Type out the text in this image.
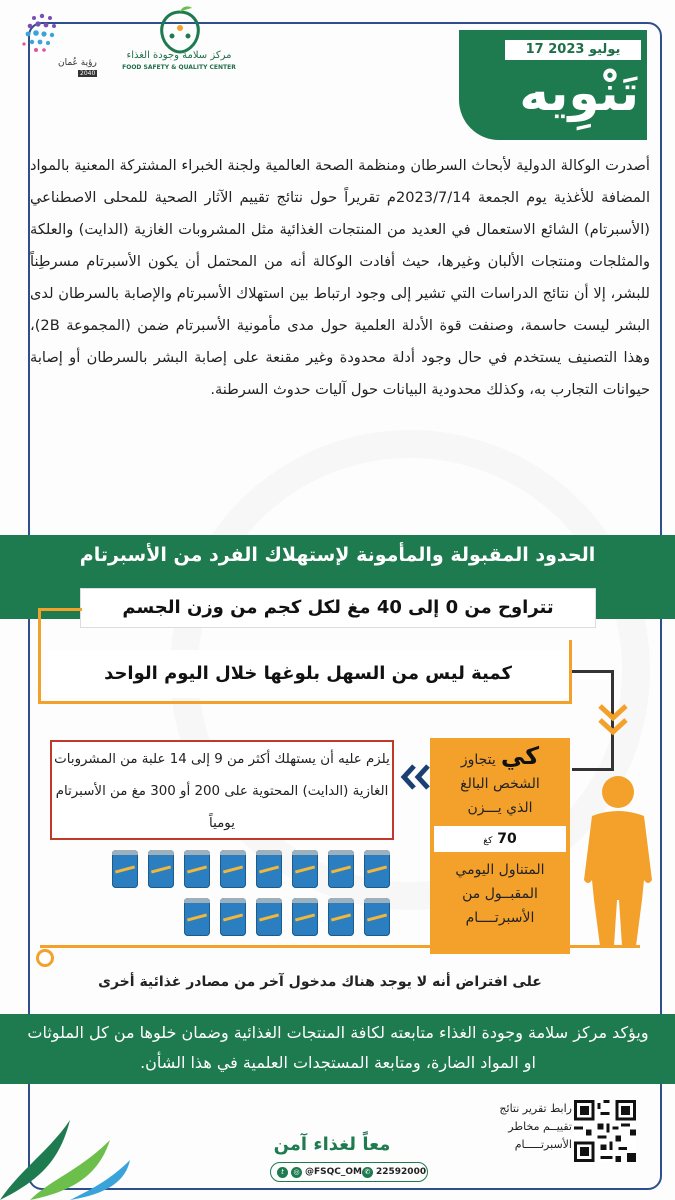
رؤية عُمان
2040
مركز سلامة وجودة الغذاء
FOOD SAFETY & QUALITY CENTER
17 يوليو 2023
تَنْوِيه

أصدرت الوكالة الدولية لأبحاث السرطان ومنظمة الصحة العالمية ولجنة الخبراء المشتركة المعنية بالمواد المضافة للأغذية يوم الجمعة 2023/7/14م تقريراً حول نتائج تقييم الآثار الصحية للمحلى الاصطناعي (الأسبرتام) الشائع الاستعمال في العديد من المنتجات الغذائية مثل المشروبات الغازية (الدايت) والعلكة والمثلجات ومنتجات الألبان وغيرها، حيث أفادت الوكالة أنه من المحتمل أن يكون الأسبرتام مسرطِناً للبشر، إلا أن نتائج الدراسات التي تشير إلى وجود ارتباط بين استهلاك الأسبرتام والإصابة بالسرطان لدى البشر ليست حاسمة، وصنفت قوة الأدلة العلمية حول مدى مأمونية الأسبرتام ضمن (المجموعة 2B)، وهذا التصنيف يستخدم في حال وجود أدلة محدودة وغير مقنعة على إصابة البشر بالسرطان أو إصابة حيوانات التجارب به، وكذلك محدودية البيانات حول آليات حدوث السرطنة.

الحدود المقبولة والمأمونة لإستهلاك الفرد من الأسبرتام
تتراوح من 0 إلى 40 مغ لكل كجم من وزن الجسم
كمية ليس من السهل بلوغها خلال اليوم الواحد
كي يتجاوز
الشخص البالغ
الذي يـــزن
70 كغ
المتناول اليومي
المقبــول من
الأسبرتــــام
يلزم عليه أن يستهلك أكثر من 9 إلى 14 علبة من المشروبات الغازية (الدايت) المحتوية على 200 أو 300 مغ من الأسبرتام يومياً
على افتراض أنه لا يوجد هناك مدخول آخر من مصادر غذائية أخرى
ويؤكد مركز سلامة وجودة الغذاء متابعته لكافة المنتجات الغذائية وضمان خلوها من كل الملوثات او المواد الضارة، ومتابعة المستجدات العلمية في هذا الشأن.
معاً لغذاء آمن
t	◎ @FSQC_OM ✆ 22592000
رابط تقرير نتائج تقييــم مخاطر الأسبرتـــــام
